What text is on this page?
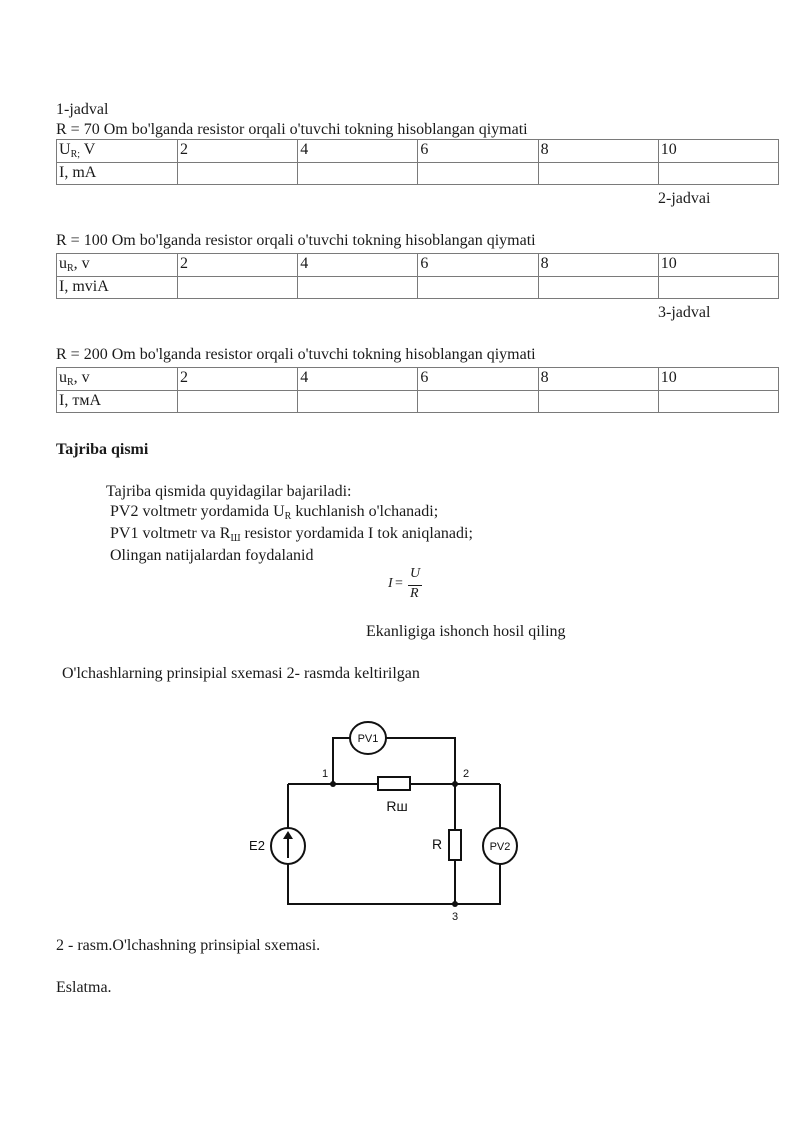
1-jadval
R = 70 Om bo'lganda resistor orqali o'tuvchi tokning hisoblangan qiymati
UR; V	2	4	6	8	10
I, mA					
2-jadvai
R = 100 Om bo'lganda resistor orqali o'tuvchi tokning hisoblangan qiymati
uR, v	2	4	6	8	10
I, mviA					
3-jadval
R = 200 Om bo'lganda resistor orqali o'tuvchi tokning hisoblangan qiymati
uR, v	2	4	6	8	10
I, тмА					
Tajriba qismi
Tajriba qismida quyidagilar bajariladi:
PV2 voltmetr yordamida UR kuchlanish o'lchanadi;
PV1 voltmetr va RШ resistor yordamida I tok aniqlanadi;
Olingan natijalardan foydalanid
I =
U
R
Ekanligiga ishonch hosil qiling
O'lchashlarning prinsipial sxemasi 2- rasmda keltirilgan
PV1
Rш
E2	R	PV2
1	2
3
2 - rasm.O'lchashning prinsipial sxemasi.
Eslatma.
